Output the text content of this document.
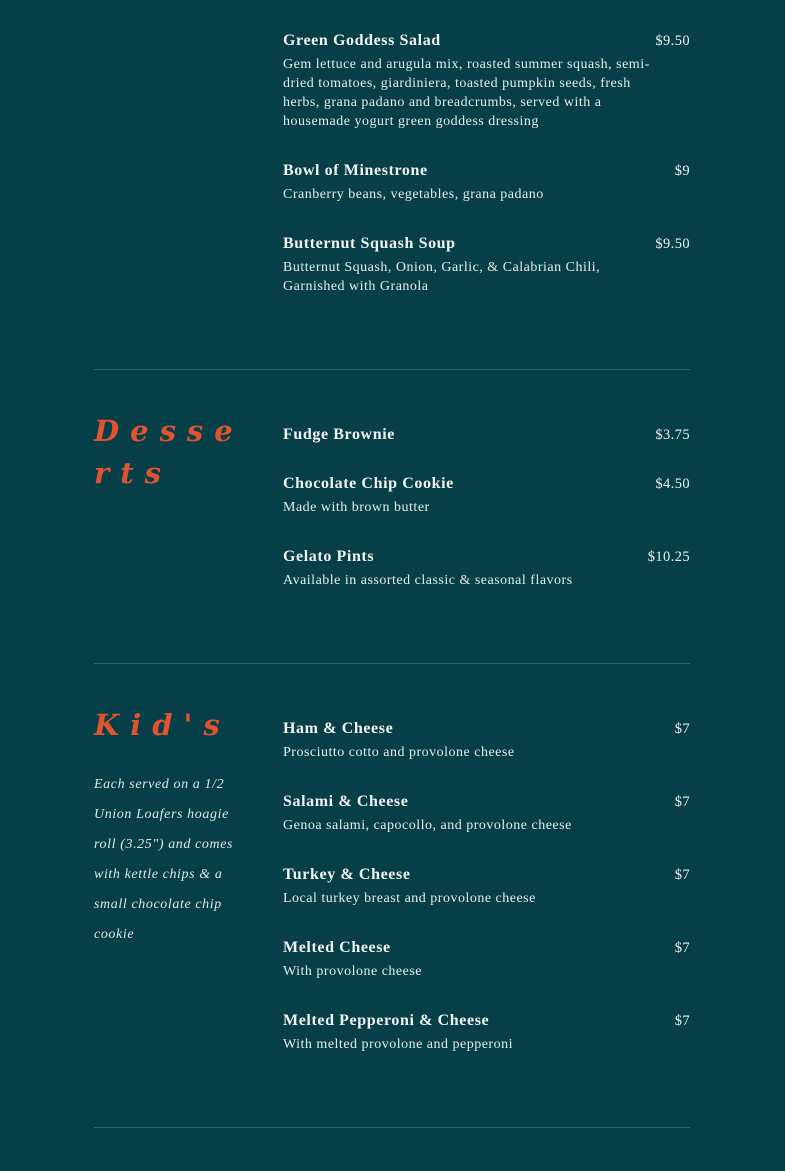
Green Goddess Salad	$9.50
Gem lettuce and arugula mix, roasted summer squash, semi-dried tomatoes, giardiniera, toasted pumpkin seeds, fresh herbs, grana padano and breadcrumbs, served with a housemade yogurt green goddess dressing
Bowl of Minestrone	$9
Cranberry beans, vegetables, grana padano
Butternut Squash Soup	$9.50
Butternut Squash, Onion, Garlic, & Calabrian Chili, Garnished with Granola
Desserts
Fudge Brownie	$3.75
Chocolate Chip Cookie	$4.50
Made with brown butter
Gelato Pints	$10.25
Available in assorted classic & seasonal flavors
Kid's
Each served on a 1/2 Union Loafers hoagie roll (3.25") and comes with kettle chips & a small chocolate chip cookie
Ham & Cheese	$7
Prosciutto cotto and provolone cheese
Salami & Cheese	$7
Genoa salami, capocollo, and provolone cheese
Turkey & Cheese	$7
Local turkey breast and provolone cheese
Melted Cheese	$7
With provolone cheese
Melted Pepperoni & Cheese	$7
With melted provolone and pepperoni
